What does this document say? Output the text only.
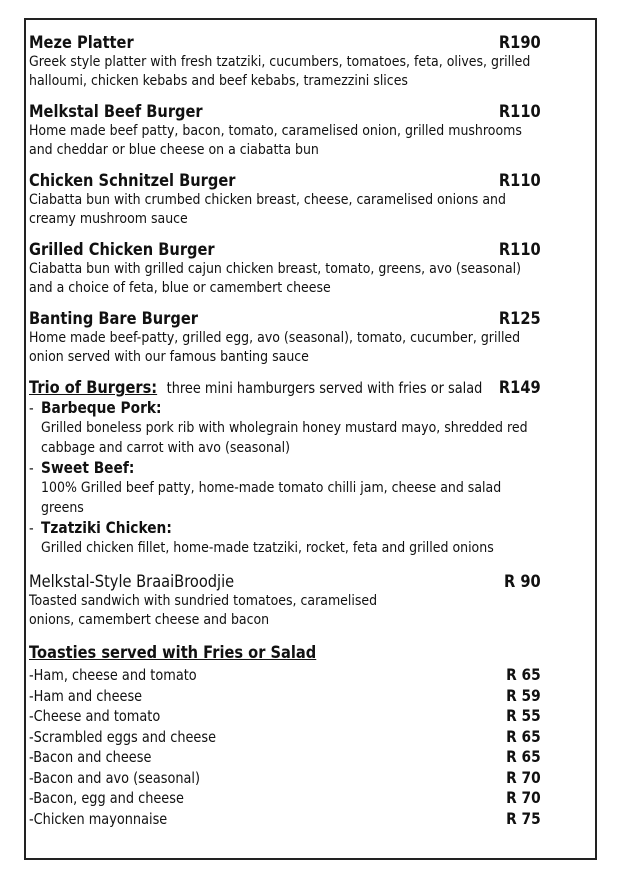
Meze Platter	R190
Greek style platter with fresh tzatziki, cucumbers, tomatoes, feta, olives, grilled halloumi, chicken kebabs and beef kebabs, tramezzini slices
Melkstal Beef Burger	R110
Home made beef patty, bacon, tomato, caramelised onion, grilled mushrooms and cheddar or blue cheese on a ciabatta bun
Chicken Schnitzel Burger	R110
Ciabatta bun with crumbed chicken breast, cheese, caramelised onions and creamy mushroom sauce
Grilled Chicken Burger	R110
Ciabatta bun with grilled cajun chicken breast, tomato, greens, avo (seasonal) and a choice of feta, blue or camembert cheese
Banting Bare Burger	R125
Home made beef-patty, grilled egg, avo (seasonal), tomato, cucumber, grilled onion served with our famous banting sauce
Trio of Burgers: three mini hamburgers served with fries or salad R149
- Barbeque Pork:
Grilled boneless pork rib with wholegrain honey mustard mayo, shredded red cabbage and carrot with avo (seasonal)
- Sweet Beef:
100% Grilled beef patty, home-made tomato chilli jam, cheese and salad greens
- Tzatziki Chicken:
Grilled chicken fillet, home-made tzatziki, rocket, feta and grilled onions
Melkstal-Style BraaiBroodjie	R 90
Toasted sandwich with sundried tomatoes, caramelised onions, camembert cheese and bacon
Toasties served with Fries or Salad
-Ham, cheese and tomato	R 65
-Ham and cheese	R 59
-Cheese and tomato	R 55
-Scrambled eggs and cheese	R 65
-Bacon and cheese	R 65
-Bacon and avo (seasonal)	R 70
-Bacon, egg and cheese	R 70
-Chicken mayonnaise	R 75
